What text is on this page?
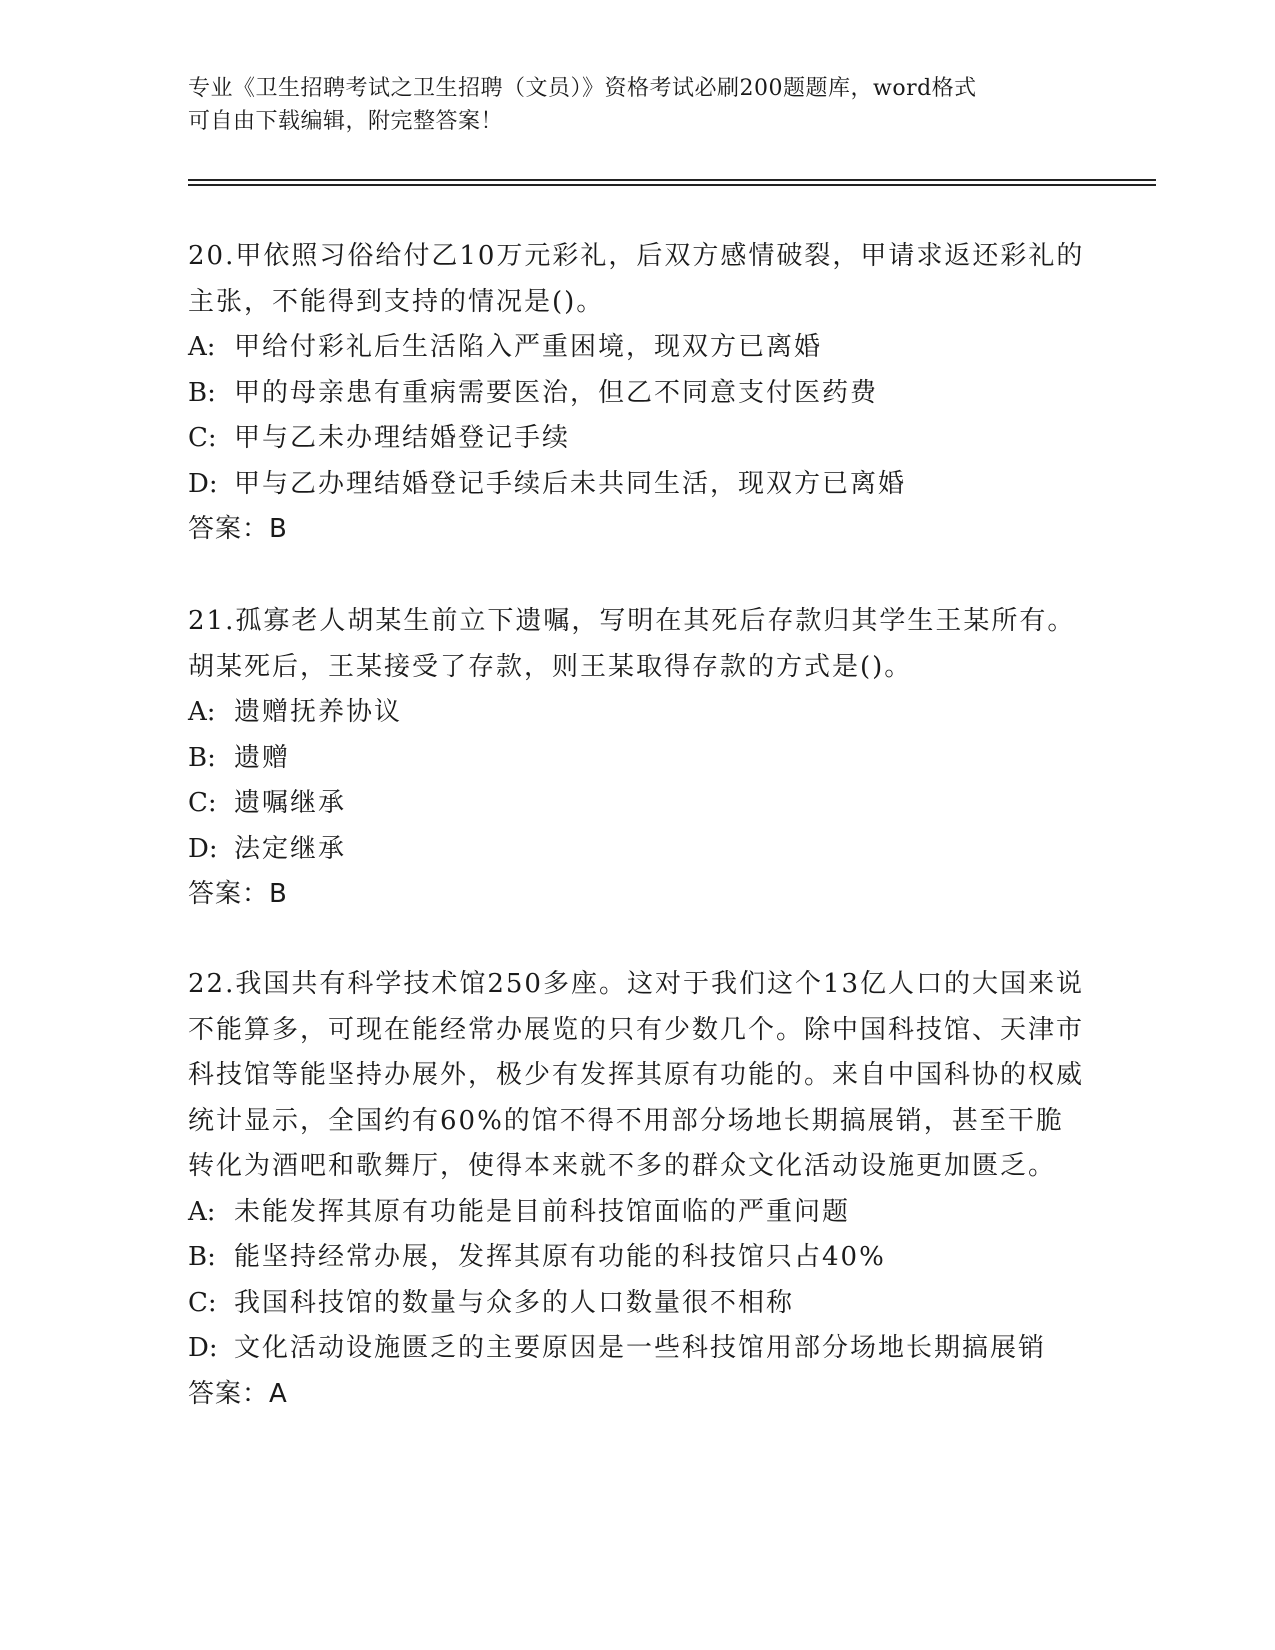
专业《卫生招聘考试之卫生招聘（文员）》资格考试必刷200题题库，word格式
可自由下载编辑，附完整答案！

20.甲依照习俗给付乙10万元彩礼，后双方感情破裂，甲请求返还彩礼的主张，不能得到支持的情况是()。

A: 甲给付彩礼后生活陷入严重困境，现双方已离婚

B: 甲的母亲患有重病需要医治，但乙不同意支付医药费

C: 甲与乙未办理结婚登记手续

D: 甲与乙办理结婚登记手续后未共同生活，现双方已离婚

答案：B

21.孤寡老人胡某生前立下遗嘱，写明在其死后存款归其学生王某所有。胡某死后，王某接受了存款，则王某取得存款的方式是()。

A: 遗赠抚养协议

B: 遗赠

C: 遗嘱继承

D: 法定继承

答案：B

22.我国共有科学技术馆250多座。这对于我们这个13亿人口的大国来说不能算多，可现在能经常办展览的只有少数几个。除中国科技馆、天津市科技馆等能坚持办展外，极少有发挥其原有功能的。来自中国科协的权威统计显示，全国约有60%的馆不得不用部分场地长期搞展销，甚至干脆转化为酒吧和歌舞厅，使得本来就不多的群众文化活动设施更加匮乏。

A: 未能发挥其原有功能是目前科技馆面临的严重问题

B: 能坚持经常办展，发挥其原有功能的科技馆只占40%

C: 我国科技馆的数量与众多的人口数量很不相称

D: 文化活动设施匮乏的主要原因是一些科技馆用部分场地长期搞展销

答案：A
